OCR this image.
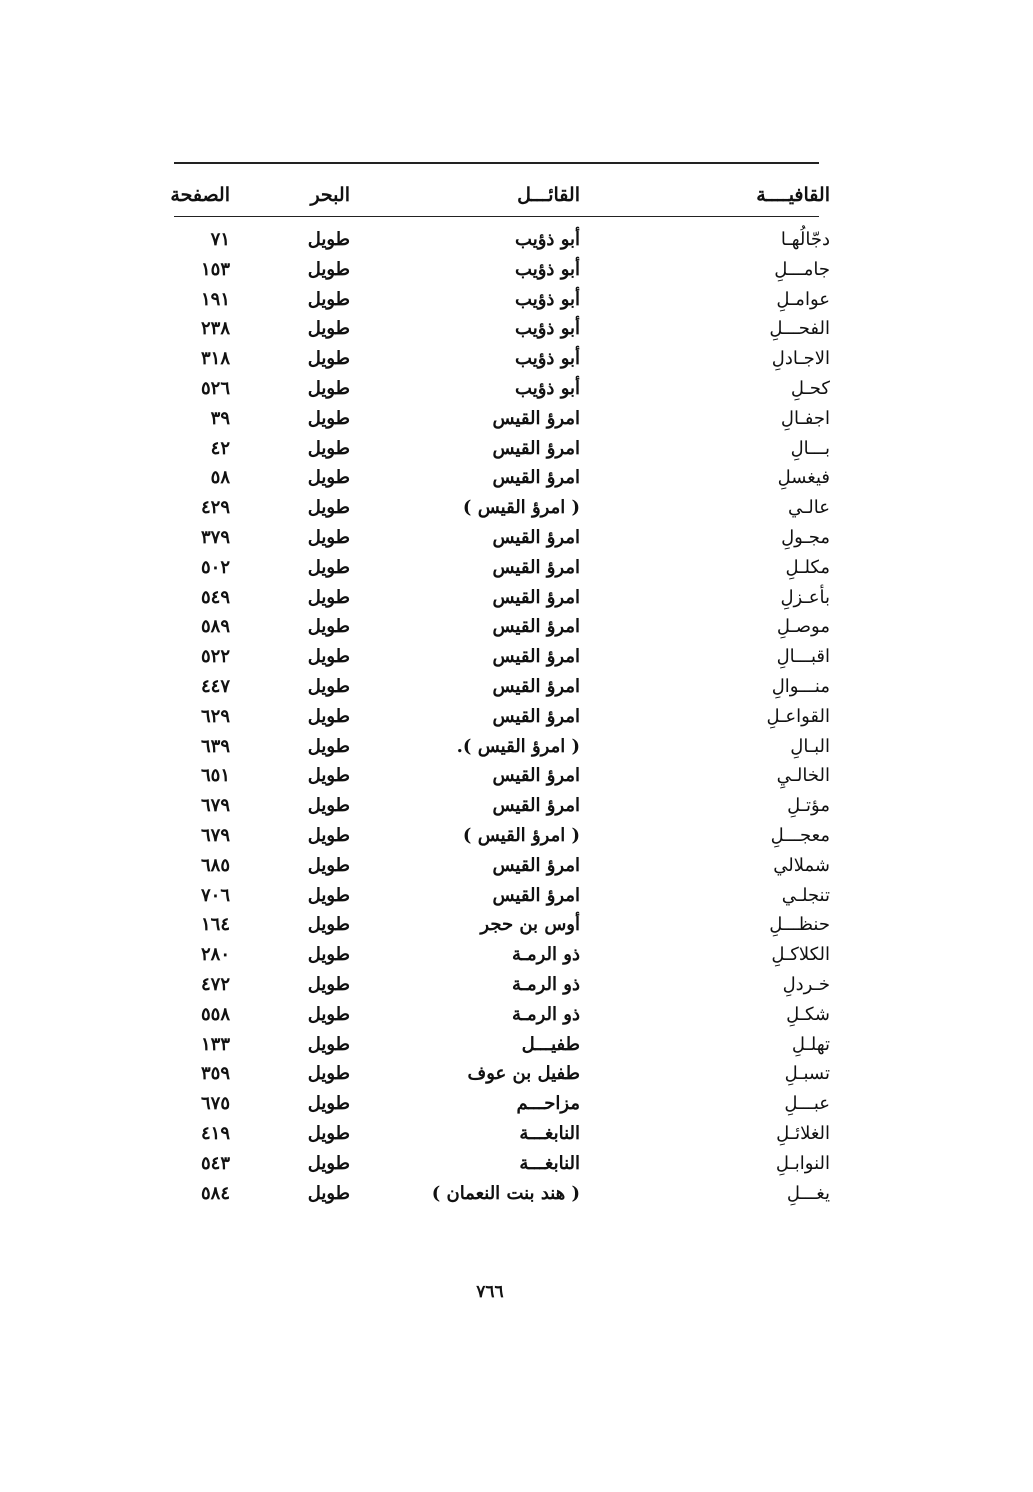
القافيــــة
القائـــل
البحر
الصفحة
دجّالُهـا
أبو ذؤيب
طويل
٧١
جامـــلِ
أبو ذؤيب
طويل
١٥٣
عوامـلِ
أبو ذؤيب
طويل
١٩١
الفحـــلِ
أبو ذؤيب
طويل
٢٣٨
الاجـادلِ
أبو ذؤيب
طويل
٣١٨
كحـلِ
أبو ذؤيب
طويل
٥٢٦
اجفـالِ
امرؤ القيس
طويل
٣٩
بـــالِ
امرؤ القيس
طويل
٤٢
فيغسلِ
امرؤ القيس
طويل
٥٨
عالـي
( امرؤ القيس )
طويل
٤٢٩
مجـولِ
امرؤ القيس
طويل
٣٧٩
مكلـلِ
امرؤ القيس
طويل
٥٠٢
بأعـزلِ
امرؤ القيس
طويل
٥٤٩
موصـلِ
امرؤ القيس
طويل
٥٨٩
اقبـــالِ
امرؤ القيس
طويل
٥٢٢
منـــوالِ
امرؤ القيس
طويل
٤٤٧
القواعـلِ
امرؤ القيس
طويل
٦٢٩
البـالِ
( امرؤ القيس ).
طويل
٦٣٩
الخالـيِ
امرؤ القيس
طويل
٦٥١
مؤتـلِ
امرؤ القيس
طويل
٦٧٩
معجـــلِ
( امرؤ القيس )
طويل
٦٧٩
شملالي
امرؤ القيس
طويل
٦٨٥
تنجلـي
امرؤ القيس
طويل
٧٠٦
حنظـــلِ
أوس بن حجر
طويل
١٦٤
الكلاكـلِ
ذو الرمـة
طويل
٢٨٠
خـردلِ
ذو الرمـة
طويل
٤٧٢
شكـلِ
ذو الرمـة
طويل
٥٥٨
تهلـلِ
طفيـــل
طويل
١٣٣
تسبـلِ
طفيل بن عوف
طويل
٣٥٩
عبـــلِ
مزاحـــم
طويل
٦٧٥
الغلائـلِ
النابغـــة
طويل
٤١٩
النوابـلِ
النابغـــة
طويل
٥٤٣
يغـــلِ
( هند بنت النعمان )
طويل
٥٨٤
٧٦٦
